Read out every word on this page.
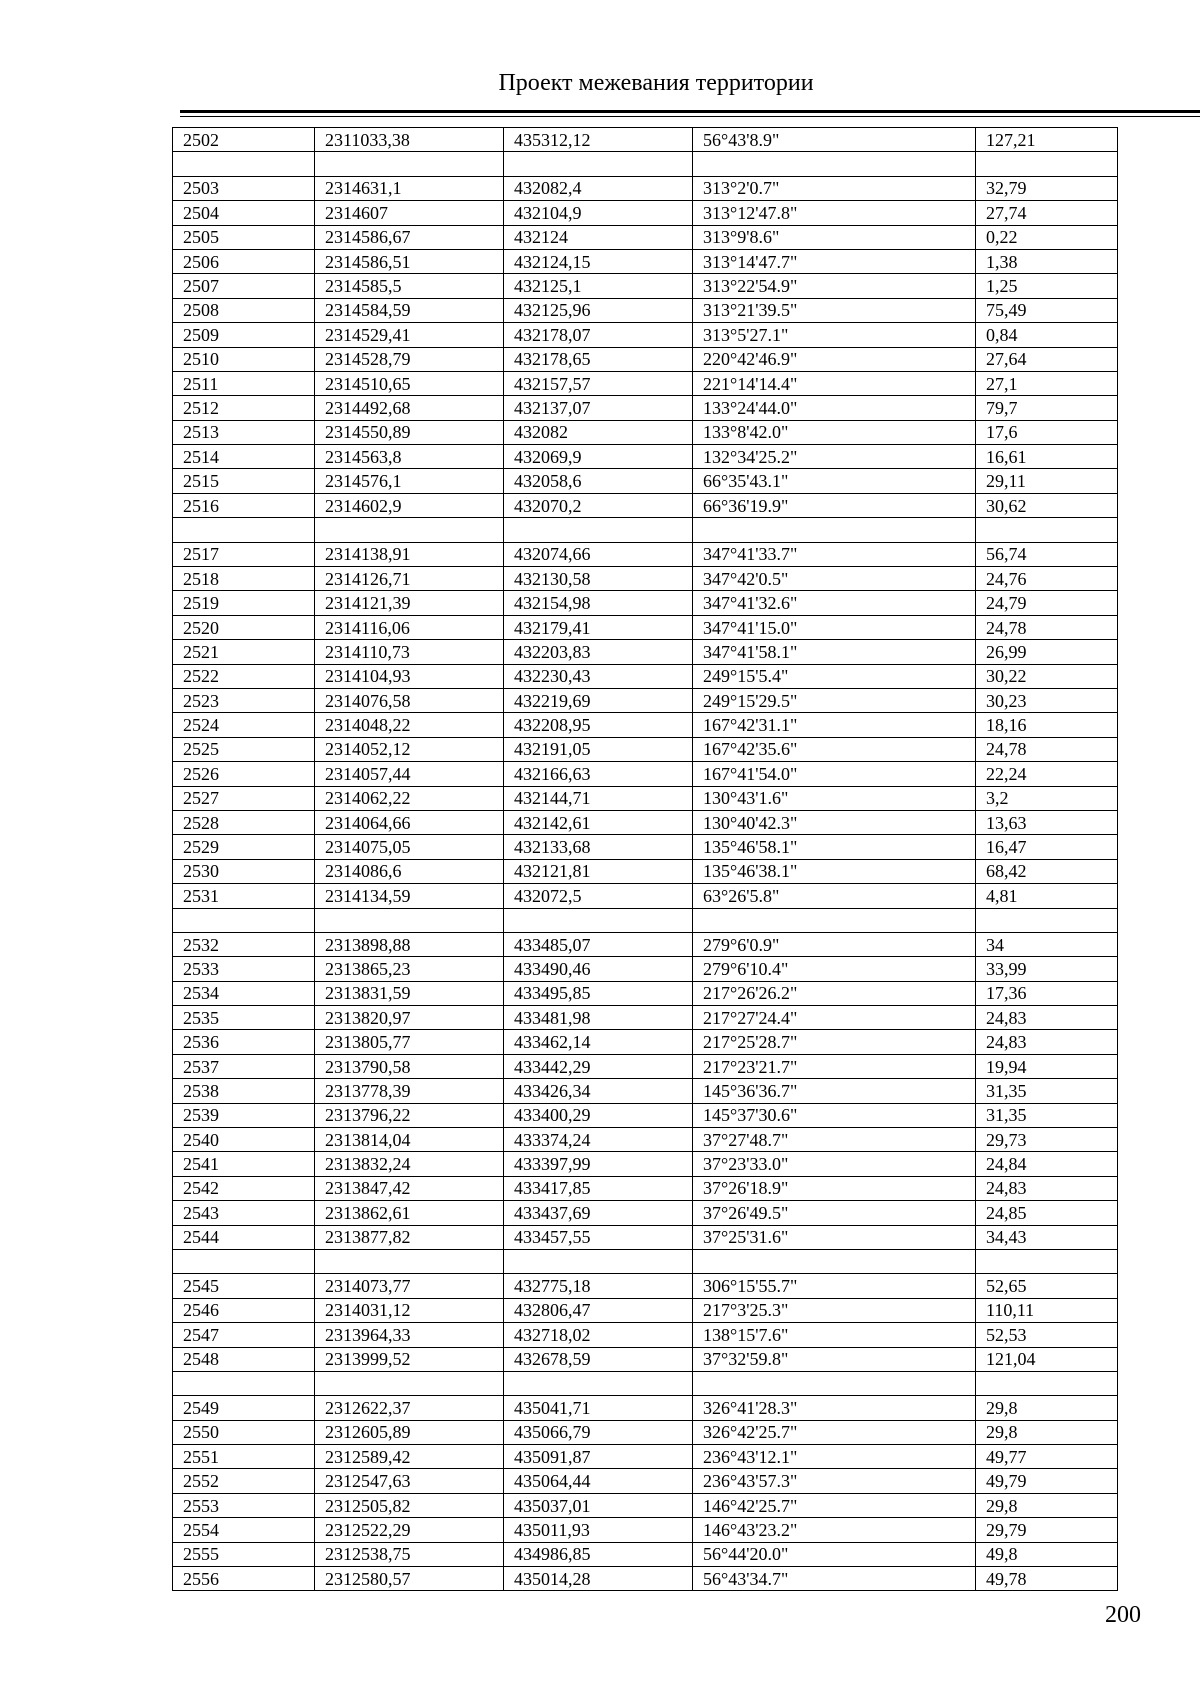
Проект межевания территории
2502	2311033,38	435312,12	56°43'8.9"	127,21

2503	2314631,1	432082,4	313°2'0.7"	32,79
2504	2314607	432104,9	313°12'47.8"	27,74
2505	2314586,67	432124	313°9'8.6"	0,22
2506	2314586,51	432124,15	313°14'47.7"	1,38
2507	2314585,5	432125,1	313°22'54.9"	1,25
2508	2314584,59	432125,96	313°21'39.5"	75,49
2509	2314529,41	432178,07	313°5'27.1"	0,84
2510	2314528,79	432178,65	220°42'46.9"	27,64
2511	2314510,65	432157,57	221°14'14.4"	27,1
2512	2314492,68	432137,07	133°24'44.0"	79,7
2513	2314550,89	432082	133°8'42.0"	17,6
2514	2314563,8	432069,9	132°34'25.2"	16,61
2515	2314576,1	432058,6	66°35'43.1"	29,11
2516	2314602,9	432070,2	66°36'19.9"	30,62

2517	2314138,91	432074,66	347°41'33.7"	56,74
2518	2314126,71	432130,58	347°42'0.5"	24,76
2519	2314121,39	432154,98	347°41'32.6"	24,79
2520	2314116,06	432179,41	347°41'15.0"	24,78
2521	2314110,73	432203,83	347°41'58.1"	26,99
2522	2314104,93	432230,43	249°15'5.4"	30,22
2523	2314076,58	432219,69	249°15'29.5"	30,23
2524	2314048,22	432208,95	167°42'31.1"	18,16
2525	2314052,12	432191,05	167°42'35.6"	24,78
2526	2314057,44	432166,63	167°41'54.0"	22,24
2527	2314062,22	432144,71	130°43'1.6"	3,2
2528	2314064,66	432142,61	130°40'42.3"	13,63
2529	2314075,05	432133,68	135°46'58.1"	16,47
2530	2314086,6	432121,81	135°46'38.1"	68,42
2531	2314134,59	432072,5	63°26'5.8"	4,81

2532	2313898,88	433485,07	279°6'0.9"	34
2533	2313865,23	433490,46	279°6'10.4"	33,99
2534	2313831,59	433495,85	217°26'26.2"	17,36
2535	2313820,97	433481,98	217°27'24.4"	24,83
2536	2313805,77	433462,14	217°25'28.7"	24,83
2537	2313790,58	433442,29	217°23'21.7"	19,94
2538	2313778,39	433426,34	145°36'36.7"	31,35
2539	2313796,22	433400,29	145°37'30.6"	31,35
2540	2313814,04	433374,24	37°27'48.7"	29,73
2541	2313832,24	433397,99	37°23'33.0"	24,84
2542	2313847,42	433417,85	37°26'18.9"	24,83
2543	2313862,61	433437,69	37°26'49.5"	24,85
2544	2313877,82	433457,55	37°25'31.6"	34,43

2545	2314073,77	432775,18	306°15'55.7"	52,65
2546	2314031,12	432806,47	217°3'25.3"	110,11
2547	2313964,33	432718,02	138°15'7.6"	52,53
2548	2313999,52	432678,59	37°32'59.8"	121,04

2549	2312622,37	435041,71	326°41'28.3"	29,8
2550	2312605,89	435066,79	326°42'25.7"	29,8
2551	2312589,42	435091,87	236°43'12.1"	49,77
2552	2312547,63	435064,44	236°43'57.3"	49,79
2553	2312505,82	435037,01	146°42'25.7"	29,8
2554	2312522,29	435011,93	146°43'23.2"	29,79
2555	2312538,75	434986,85	56°44'20.0"	49,8
2556	2312580,57	435014,28	56°43'34.7"	49,78
200
